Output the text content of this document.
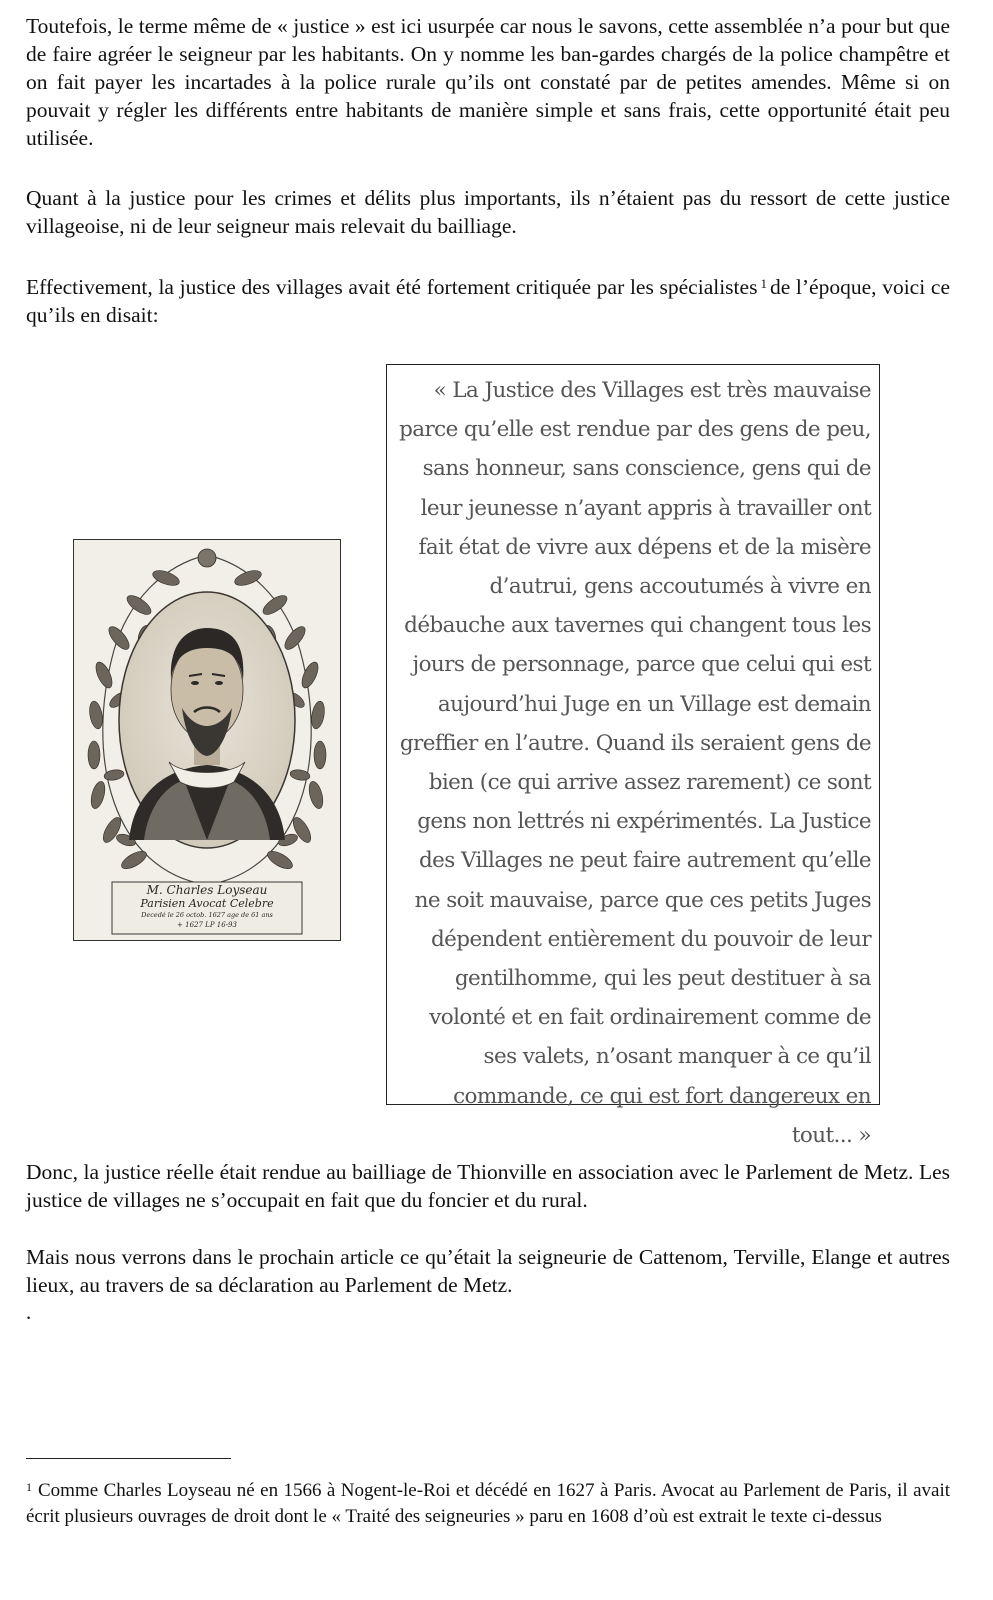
Toutefois, le terme même de « justice » est ici usurpée car nous le savons, cette assemblée n’a pour but que de faire agréer le seigneur par les habitants. On y nomme les ban-gardes chargés de la police champêtre et on fait payer les incartades à la police rurale qu’ils ont constaté par de petites amendes. Même si on pouvait y régler les différents entre habitants de manière simple et sans frais, cette opportunité était peu utilisée.

Quant à la justice pour les crimes et délits plus importants, ils n’étaient pas du ressort de cette justice villageoise, ni de leur seigneur mais relevait du bailliage.

Effectivement, la justice des villages avait été fortement critiquée par les spécialistes $^1$ de l’époque, voici ce qu’ils en disait:

M. Charles Loyseau
Parisien Avocat Celebre
Decedé le 26 octob. 1627 age de 61 ans
+ 1627 LP 16-93

« La Justice des Villages est très mauvaise parce qu’elle est rendue par des gens de peu, sans honneur, sans conscience, gens qui de leur jeunesse n’ayant appris à travailler ont fait état de vivre aux dépens et de la misère d’autrui, gens accoutumés à vivre en débauche aux tavernes qui changent tous les jours de personnage, parce que celui qui est aujourd’hui Juge en un Village est demain greffier en l’autre. Quand ils seraient gens de bien (ce qui arrive assez rarement) ce sont gens non lettrés ni expérimentés. La Justice des Villages ne peut faire autrement qu’elle ne soit mauvaise, parce que ces petits Juges dépendent entièrement du pouvoir de leur gentilhomme, qui les peut destituer à sa volonté et en fait ordinairement comme de ses valets, n’osant manquer à ce qu’il commande, ce qui est fort dangereux en tout... »

Donc, la justice réelle était rendue au bailliage de Thionville en association avec le Parlement de Metz. Les justice de villages ne s’occupait en fait que du foncier et du rural.

Mais nous verrons dans le prochain article ce qu’était la seigneurie de Cattenom, Terville, Elange et autres lieux, au travers de sa déclaration au Parlement de Metz.

.

$^1$ Comme Charles Loyseau né en 1566 à Nogent-le-Roi et décédé en 1627 à Paris. Avocat au Parlement de Paris, il avait écrit plusieurs ouvrages de droit dont le « Traité des seigneuries » paru en 1608 d’où est extrait le texte ci-dessus
